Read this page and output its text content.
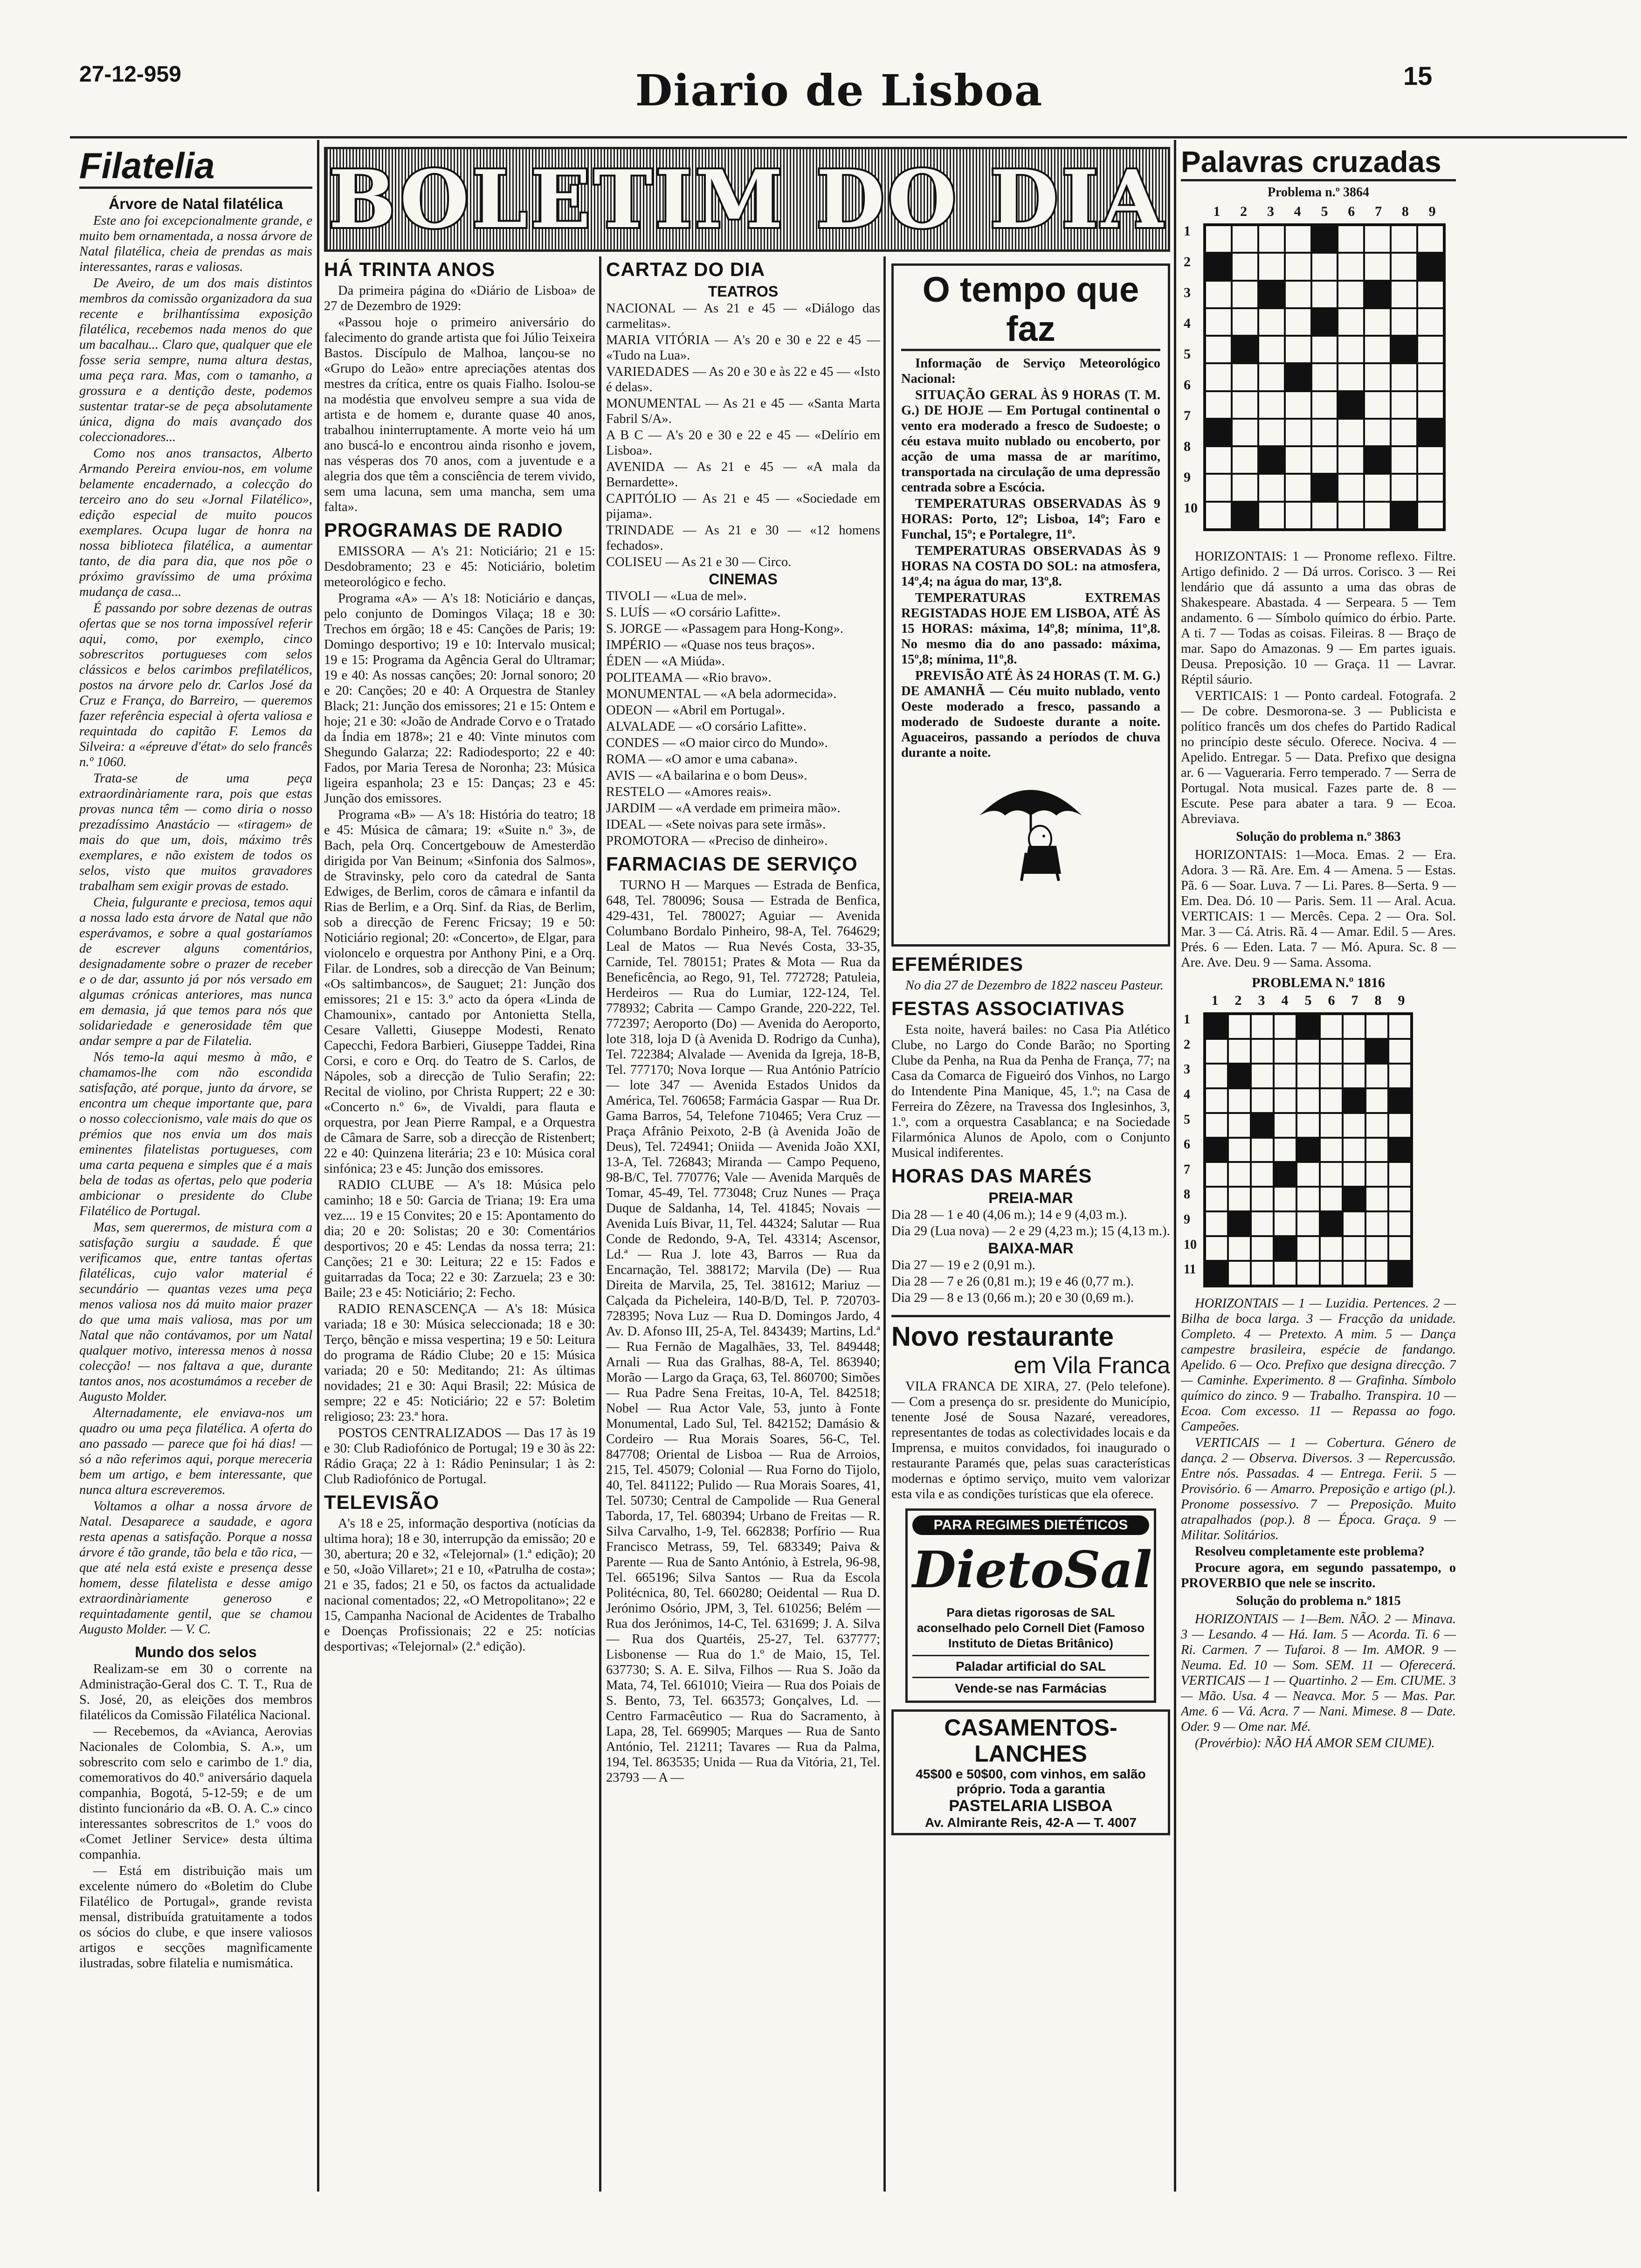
27-12-959	Diario de Lisboa	15
Filatelia
Árvore de Natal filatélica

Este ano foi excepcionalmente grande, e muito bem ornamentada, a nossa árvore de Natal filatélica, cheia de prendas as mais interessantes, raras e valiosas.

De Aveiro, de um dos mais distintos membros da comissão organizadora da sua recente e brilhantíssima exposição filatélica, recebemos nada menos do que um bacalhau... Claro que, qualquer que ele fosse seria sempre, numa altura destas, uma peça rara. Mas, com o tamanho, a grossura e a dentição deste, podemos sustentar tratar-se de peça absolutamente única, digna do mais avançado dos coleccionadores...

Como nos anos transactos, Alberto Armando Pereira enviou-nos, em volume belamente encadernado, a colecção do terceiro ano do seu «Jornal Filatélico», edição especial de muito poucos exemplares. Ocupa lugar de honra na nossa biblioteca filatélica, a aumentar tanto, de dia para dia, que nos põe o próximo gravíssimo de uma próxima mudança de casa...

É passando por sobre dezenas de outras ofertas que se nos torna impossível referir aqui, como, por exemplo, cinco sobrescritos portugueses com selos clássicos e belos carimbos prefilatélicos, postos na árvore pelo dr. Carlos José da Cruz e França, do Barreiro, — queremos fazer referência especial à oferta valiosa e requintada do capitão F. Lemos da Silveira: a «épreuve d'état» do selo francês n.º 1060.

Trata-se de uma peça extraordinàriamente rara, pois que estas provas nunca têm — como diria o nosso prezadíssimo Anastácio — «tiragem» de mais do que um, dois, máximo três exemplares, e não existem de todos os selos, visto que muitos gravadores trabalham sem exigir provas de estado.

Cheia, fulgurante e preciosa, temos aqui a nossa lado esta árvore de Natal que não esperávamos, e sobre a qual gostaríamos de escrever alguns comentários, designadamente sobre o prazer de receber e o de dar, assunto já por nós versado em algumas crónicas anteriores, mas nunca em demasia, já que temos para nós que solidariedade e generosidade têm que andar sempre a par de Filatelia.

Nós temo-la aqui mesmo à mão, e chamamos-lhe com não escondida satisfação, até porque, junto da árvore, se encontra um cheque importante que, para o nosso coleccionismo, vale mais do que os prémios que nos envia um dos mais eminentes filatelistas portugueses, com uma carta pequena e simples que é a mais bela de todas as ofertas, pelo que poderia ambicionar o presidente do Clube Filatélico de Portugal.

Mas, sem querermos, de mistura com a satisfação surgiu a saudade. É que verificamos que, entre tantas ofertas filatélicas, cujo valor material é secundário — quantas vezes uma peça menos valiosa nos dá muito maior prazer do que uma mais valiosa, mas por um Natal que não contávamos, por um Natal qualquer motivo, interessa menos à nossa colecção! — nos faltava a que, durante tantos anos, nos acostumámos a receber de Augusto Molder.

Alternadamente, ele enviava-nos um quadro ou uma peça filatélica. A oferta do ano passado — parece que foi há dias! — só a não referimos aqui, porque mereceria bem um artigo, e bem interessante, que nunca altura escreveremos.

Voltamos a olhar a nossa árvore de Natal. Desaparece a saudade, e agora resta apenas a satisfação. Porque a nossa árvore é tão grande, tão bela e tão rica, — que até nela está existe e presença desse homem, desse filatelista e desse amigo extraordinàriamente generoso e requintadamente gentil, que se chamou Augusto Molder. — V. C.

Mundo dos selos

Realizam-se em 30 o corrente na Administração-Geral dos C. T. T., Rua de S. José, 20, as eleições dos membros filatélicos da Comissão Filatélica Nacional.

— Recebemos, da «Avianca, Aerovias Nacionales de Colombia, S. A.», um sobrescrito com selo e carimbo de 1.º dia, comemorativos do 40.º aniversário daquela companhia, Bogotá, 5-12-59; e de um distinto funcionário da «B. O. A. C.» cinco interessantes sobrescritos de 1.º voos do «Comet Jetliner Service» desta última companhia.

— Está em distribuição mais um excelente número do «Boletim do Clube Filatélico de Portugal», grande revista mensal, distribuída gratuitamente a todos os sócios do clube, e que insere valiosos artigos e secções magnìficamente ilustradas, sobre filatelia e numismática.

BOLETIM DO DIA
HÁ TRINTA ANOS

Da primeira página do «Diário de Lisboa» de 27 de Dezembro de 1929:

«Passou hoje o primeiro aniversário do falecimento do grande artista que foi Júlio Teixeira Bastos. Discípulo de Malhoa, lançou-se no «Grupo do Leão» entre apreciações atentas dos mestres da crítica, entre os quais Fialho. Isolou-se na modéstia que envolveu sempre a sua vida de artista e de homem e, durante quase 40 anos, trabalhou ininterruptamente. A morte veio há um ano buscá-lo e encontrou ainda risonho e jovem, nas vésperas dos 70 anos, com a juventude e a alegria dos que têm a consciência de terem vivido, sem uma lacuna, sem uma mancha, sem uma falta».

PROGRAMAS DE RADIO

EMISSORA — A's 21: Noticiário; 21 e 15: Desdobramento; 23 e 45: Noticiário, boletim meteorológico e fecho.

Programa «A» — A's 18: Noticiário e danças, pelo conjunto de Domingos Vilaça; 18 e 30: Trechos em órgão; 18 e 45: Canções de Paris; 19: Domingo desportivo; 19 e 10: Intervalo musical; 19 e 15: Programa da Agência Geral do Ultramar; 19 e 40: As nossas canções; 20: Jornal sonoro; 20 e 20: Canções; 20 e 40: A Orquestra de Stanley Black; 21: Junção dos emissores; 21 e 15: Ontem e hoje; 21 e 30: «João de Andrade Corvo e o Tratado da Índia em 1878»; 21 e 40: Vinte minutos com Shegundo Galarza; 22: Radiodesporto; 22 e 40: Fados, por Maria Teresa de Noronha; 23: Música ligeira espanhola; 23 e 15: Danças; 23 e 45: Junção dos emissores.

Programa «B» — A's 18: História do teatro; 18 e 45: Música de câmara; 19: «Suite n.º 3», de Bach, pela Orq. Concertgebouw de Amesterdão dirigida por Van Beinum; «Sinfonia dos Salmos», de Stravinsky, pelo coro da catedral de Santa Edwiges, de Berlim, coros de câmara e infantil da Rias de Berlim, e a Orq. Sinf. da Rias, de Berlim, sob a direcção de Ferenc Fricsay; 19 e 50: Noticiário regional; 20: «Concerto», de Elgar, para violoncelo e orquestra por Anthony Pini, e a Orq. Filar. de Londres, sob a direcção de Van Beinum; «Os saltimbancos», de Sauguet; 21: Junção dos emissores; 21 e 15: 3.º acto da ópera «Linda de Chamounix», cantado por Antonietta Stella, Cesare Valletti, Giuseppe Modesti, Renato Capecchi, Fedora Barbieri, Giuseppe Taddei, Rina Corsi, e coro e Orq. do Teatro de S. Carlos, de Nápoles, sob a direcção de Tulio Serafin; 22: Recital de violino, por Christa Ruppert; 22 e 30: «Concerto n.º 6», de Vivaldi, para flauta e orquestra, por Jean Pierre Rampal, e a Orquestra de Câmara de Sarre, sob a direcção de Ristenbert; 22 e 40: Quinzena literária; 23 e 10: Música coral sinfónica; 23 e 45: Junção dos emissores.

RADIO CLUBE — A's 18: Música pelo caminho; 18 e 50: Garcia de Triana; 19: Era uma vez.... 19 e 15 Convites; 20 e 15: Apontamento do dia; 20 e 20: Solistas; 20 e 30: Comentários desportivos; 20 e 45: Lendas da nossa terra; 21: Canções; 21 e 30: Leitura; 22 e 15: Fados e guitarradas da Toca; 22 e 30: Zarzuela; 23 e 30: Baile; 23 e 45: Noticiário; 2: Fecho.

RADIO RENASCENÇA — A's 18: Música variada; 18 e 30: Música seleccionada; 18 e 30: Terço, bênção e missa vespertina; 19 e 50: Leitura do programa de Rádio Clube; 20 e 15: Música variada; 20 e 50: Meditando; 21: As últimas novidades; 21 e 30: Aqui Brasil; 22: Música de sempre; 22 e 45: Noticiário; 22 e 57: Boletim religioso; 23: 23.ª hora.

POSTOS CENTRALIZADOS — Das 17 às 19 e 30: Club Radiofónico de Portugal; 19 e 30 às 22: Rádio Graça; 22 à 1: Rádio Peninsular; 1 às 2: Club Radiofónico de Portugal.

TELEVISÃO

A's 18 e 25, informação desportiva (notícias da ultima hora); 18 e 30, interrupção da emissão; 20 e 30, abertura; 20 e 32, «Telejornal» (1.ª edição); 20 e 50, «João Villaret»; 21 e 10, «Patrulha de costa»; 21 e 35, fados; 21 e 50, os factos da actualidade nacional comentados; 22, «O Metropolitano»; 22 e 15, Campanha Nacional de Acidentes de Trabalho e Doenças Profissionais; 22 e 25: notícias desportivas; «Telejornal» (2.ª edição).

CARTAZ DO DIA
TEATROS

NACIONAL — As 21 e 45 — «Diálogo das carmelitas».

MARIA VITÓRIA — A's 20 e 30 e 22 e 45 — «Tudo na Lua».

VARIEDADES — As 20 e 30 e às 22 e 45 — «Isto é delas».

MONUMENTAL — As 21 e 45 — «Santa Marta Fabril S/A».

A B C — A's 20 e 30 e 22 e 45 — «Delírio em Lisboa».

AVENIDA — As 21 e 45 — «A mala da Bernardette».

CAPITÓLIO — As 21 e 45 — «Sociedade em pijama».

TRINDADE — As 21 e 30 — «12 homens fechados».

COLISEU — As 21 e 30 — Circo.

CINEMAS

TIVOLI — «Lua de mel».

S. LUÍS — «O corsário Lafitte».

S. JORGE — «Passagem para Hong-Kong».

IMPÉRIO — «Quase nos teus braços».

ÉDEN — «A Miúda».

POLITEAMA — «Rio bravo».

MONUMENTAL — «A bela adormecida».

ODEON — «Abril em Portugal».

ALVALADE — «O corsário Lafitte».

CONDES — «O maior circo do Mundo».

ROMA — «O amor e uma cabana».

AVIS — «A bailarina e o bom Deus».

RESTELO — «Amores reais».

JARDIM — «A verdade em primeira mão».

IDEAL — «Sete noivas para sete irmãs».

PROMOTORA — «Preciso de dinheiro».

FARMACIAS DE SERVIÇO

TURNO H — Marques — Estrada de Benfica, 648, Tel. 780096; Sousa — Estrada de Benfica, 429-431, Tel. 780027; Aguiar — Avenida Columbano Bordalo Pinheiro, 98-A, Tel. 764629; Leal de Matos — Rua Nevés Costa, 33-35, Carnide, Tel. 780151; Prates & Mota — Rua da Beneficência, ao Rego, 91, Tel. 772728; Patuleia, Herdeiros — Rua do Lumiar, 122-124, Tel. 778932; Cabrita — Campo Grande, 220-222, Tel. 772397; Aeroporto (Do) — Avenida do Aeroporto, lote 318, loja D (à Avenida D. Rodrigo da Cunha), Tel. 722384; Alvalade — Avenida da Igreja, 18-B, Tel. 777170; Nova Iorque — Rua António Patrício — lote 347 — Avenida Estados Unidos da América, Tel. 760658; Farmácia Gaspar — Rua Dr. Gama Barros, 54, Telefone 710465; Vera Cruz — Praça Afrânio Peixoto, 2-B (à Avenida João de Deus), Tel. 724941; Oniida — Avenida João XXI, 13-A, Tel. 726843; Miranda — Campo Pequeno, 98-B/C, Tel. 770776; Vale — Avenida Marquês de Tomar, 45-49, Tel. 773048; Cruz Nunes — Praça Duque de Saldanha, 14, Tel. 41845; Novais — Avenida Luís Bivar, 11, Tel. 44324; Salutar — Rua Conde de Redondo, 9-A, Tel. 43314; Ascensor, Ld.ª — Rua J. lote 43, Barros — Rua da Encarnação, Tel. 388172; Marvila (De) — Rua Direita de Marvila, 25, Tel. 381612; Mariuz — Calçada da Picheleira, 140-B/D, Tel. P. 720703-728395; Nova Luz — Rua D. Domingos Jardo, 4 Av. D. Afonso III, 25-A, Tel. 843439; Martins, Ld.ª — Rua Fernão de Magalhães, 33, Tel. 849448; Arnali — Rua das Gralhas, 88-A, Tel. 863940; Morão — Largo da Graça, 63, Tel. 860700; Simões — Rua Padre Sena Freitas, 10-A, Tel. 842518; Nobel — Rua Actor Vale, 53, junto à Fonte Monumental, Lado Sul, Tel. 842152; Damásio & Cordeiro — Rua Morais Soares, 56-C, Tel. 847708; Oriental de Lisboa — Rua de Arroios, 215, Tel. 45079; Colonial — Rua Forno do Tijolo, 40, Tel. 841122; Pulido — Rua Morais Soares, 41, Tel. 50730; Central de Campolide — Rua General Taborda, 17, Tel. 680394; Urbano de Freitas — R. Silva Carvalho, 1-9, Tel. 662838; Porfírio — Rua Francisco Metrass, 59, Tel. 683349; Paiva & Parente — Rua de Santo António, à Estrela, 96-98, Tel. 665196; Silva Santos — Rua da Escola Politécnica, 80, Tel. 660280; Oeidental — Rua D. Jerónimo Osório, JPM, 3, Tel. 610256; Belém — Rua dos Jerónimos, 14-C, Tel. 631699; J. A. Silva — Rua dos Quartéis, 25-27, Tel. 637777; Lisbonense — Rua do 1.º de Maio, 15, Tel. 637730; S. A. E. Silva, Filhos — Rua S. João da Mata, 74, Tel. 661010; Vieira — Rua dos Poiais de S. Bento, 73, Tel. 663573; Gonçalves, Ld. — Centro Farmacêutico — Rua do Sacramento, à Lapa, 28, Tel. 669905; Marques — Rua de Santo António, Tel. 21211; Tavares — Rua da Palma, 194, Tel. 863535; Unida — Rua da Vitória, 21, Tel. 23793 — A —

O tempo que faz

Informação de Serviço Meteorológico Nacional:

SITUAÇÃO GERAL ÀS 9 HORAS (T. M. G.) DE HOJE — Em Portugal continental o vento era moderado a fresco de Sudoeste; o céu estava muito nublado ou encoberto, por acção de uma massa de ar marítimo, transportada na circulação de uma depressão centrada sobre a Escócia.

TEMPERATURAS OBSERVADAS ÀS 9 HORAS: Porto, 12º; Lisboa, 14º; Faro e Funchal, 15º; e Portalegre, 11º.

TEMPERATURAS OBSERVADAS ÀS 9 HORAS NA COSTA DO SOL: na atmosfera, 14º,4; na água do mar, 13º,8.

TEMPERATURAS EXTREMAS REGISTADAS HOJE EM LISBOA, ATÉ ÀS 15 HORAS: máxima, 14º,8; mínima, 11º,8. No mesmo dia do ano passado: máxima, 15º,8; mínima, 11º,8.

PREVISÃO ATÉ ÀS 24 HORAS (T. M. G.) DE AMANHÃ — Céu muito nublado, vento Oeste moderado a fresco, passando a moderado de Sudoeste durante a noite. Aguaceiros, passando a períodos de chuva durante a noite.

EFEMÉRIDES

No dia 27 de Dezembro de 1822 nasceu Pasteur.

FESTAS ASSOCIATIVAS

Esta noite, haverá bailes: no Casa Pia Atlético Clube, no Largo do Conde Barão; no Sporting Clube da Penha, na Rua da Penha de França, 77; na Casa da Comarca de Figueiró dos Vinhos, no Largo do Intendente Pina Manique, 45, 1.º; na Casa de Ferreira do Zêzere, na Travessa dos Inglesinhos, 3, 1.º, com a orquestra Casablanca; e na Sociedade Filarmónica Alunos de Apolo, com o Conjunto Musical indiferentes.

HORAS DAS MARÉS
PREIA-MAR

Dia 28 — 1 e 40 (4,06 m.); 14 e 9 (4,03 m.).

Dia 29 (Lua nova) — 2 e 29 (4,23 m.); 15 (4,13 m.).

BAIXA-MAR

Dia 27 — 19 e 2 (0,91 m.).

Dia 28 — 7 e 26 (0,81 m.); 19 e 46 (0,77 m.).

Dia 29 — 8 e 13 (0,66 m.); 20 e 30 (0,69 m.).

Novo restaurante
em Vila Franca

VILA FRANCA DE XIRA, 27. (Pelo telefone). — Com a presença do sr. presidente do Município, tenente José de Sousa Nazaré, vereadores, representantes de todas as colectividades locais e da Imprensa, e muitos convidados, foi inaugurado o restaurante Paramés que, pelas suas características modernas e óptimo serviço, muito vem valorizar esta vila e as condições turísticas que ela oferece.

PARA REGIMES DIETÉTICOS
DietoSal
Para dietas rigorosas de SAL aconselhado pelo Cornell Diet (Famoso Instituto de Dietas Britânico)
Paladar artificial do SAL
Vende-se nas Farmácias
CASAMENTOS-LANCHES
45$00 e 50$00, com vinhos, em salão próprio. Toda a garantia
PASTELARIA LISBOA
Av. Almirante Reis, 42-A — T. 4007
Palavras cruzadas
Problema n.º 3864
1	2	3	4	5	6	7	8	9
1
2
3
4
5
6
7
8
9
10

HORIZONTAIS: 1 — Pronome reflexo. Filtre. Artigo definido. 2 — Dá urros. Corisco. 3 — Rei lendário que dá assunto a uma das obras de Shakespeare. Abastada. 4 — Serpeara. 5 — Tem andamento. 6 — Símbolo químico do érbio. Parte. A ti. 7 — Todas as coisas. Fileiras. 8 — Braço de mar. Sapo do Amazonas. 9 — Em partes iguais. Deusa. Preposição. 10 — Graça. 11 — Lavrar. Réptil sáurio.

VERTICAIS: 1 — Ponto cardeal. Fotografa. 2 — De cobre. Desmorona-se. 3 — Publicista e político francês um dos chefes do Partido Radical no princípio deste século. Oferece. Nociva. 4 — Apelido. Entregar. 5 — Data. Prefixo que designa ar. 6 — Vagueraria. Ferro temperado. 7 — Serra de Portugal. Nota musical. Fazes parte de. 8 — Escute. Pese para abater a tara. 9 — Ecoa. Abreviava.

Solução do problema n.º 3863

HORIZONTAIS: 1—Moca. Emas. 2 — Era. Adora. 3 — Rã. Are. Em. 4 — Amena. 5 — Estas. Pã. 6 — Soar. Luva. 7 — Li. Pares. 8—Serta. 9 — Em. Dea. Dó. 10 — Paris. Sem. 11 — Aral. Acua. VERTICAIS: 1 — Mercês. Cepa. 2 — Ora. Sol. Mar. 3 — Cá. Atris. Rã. 4 — Amar. Edil. 5 — Ares. Prés. 6 — Eden. Lata. 7 — Mó. Apura. Sc. 8 — Are. Ave. Deu. 9 — Sama. Assoma.

PROBLEMA N.º 1816
1	2	3	4	5	6	7	8	9
1
2
3
4
5
6
7
8
9
10
11

HORIZONTAIS — 1 — Luzidia. Pertences. 2 — Bilha de boca larga. 3 — Fracção da unidade. Completo. 4 — Pretexto. A mim. 5 — Dança campestre brasileira, espécie de fandango. Apelido. 6 — Oco. Prefixo que designa direcção. 7 — Caminhe. Experimento. 8 — Grafinha. Símbolo químico do zinco. 9 — Trabalho. Transpira. 10 — Ecoa. Com excesso. 11 — Repassa ao fogo. Campeões.

VERTICAIS — 1 — Cobertura. Género de dança. 2 — Observa. Diversos. 3 — Repercussão. Entre nós. Passadas. 4 — Entrega. Ferii. 5 — Provisório. 6 — Amarro. Preposição e artigo (pl.). Pronome possessivo. 7 — Preposição. Muito atrapalhados (pop.). 8 — Época. Graça. 9 — Militar. Solitários.

Resolveu completamente este problema?

Procure agora, em segundo passatempo, o PROVERBIO que nele se inscrito.

Solução do problema n.º 1815

HORIZONTAIS — 1—Bem. NÃO. 2 — Minava. 3 — Lesando. 4 — Há. Iam. 5 — Acorda. Ti. 6 — Ri. Carmen. 7 — Tufaroi. 8 — Im. AMOR. 9 — Neuma. Ed. 10 — Som. SEM. 11 — Oferecerá. VERTICAIS — 1 — Quartinho. 2 — Em. CIUME. 3 — Mão. Usa. 4 — Neavca. Mor. 5 — Mas. Par. Ame. 6 — Vá. Acra. 7 — Nani. Mimese. 8 — Date. Oder. 9 — Ome nar. Mé.

(Provérbio): NÃO HÁ AMOR SEM CIUME).
